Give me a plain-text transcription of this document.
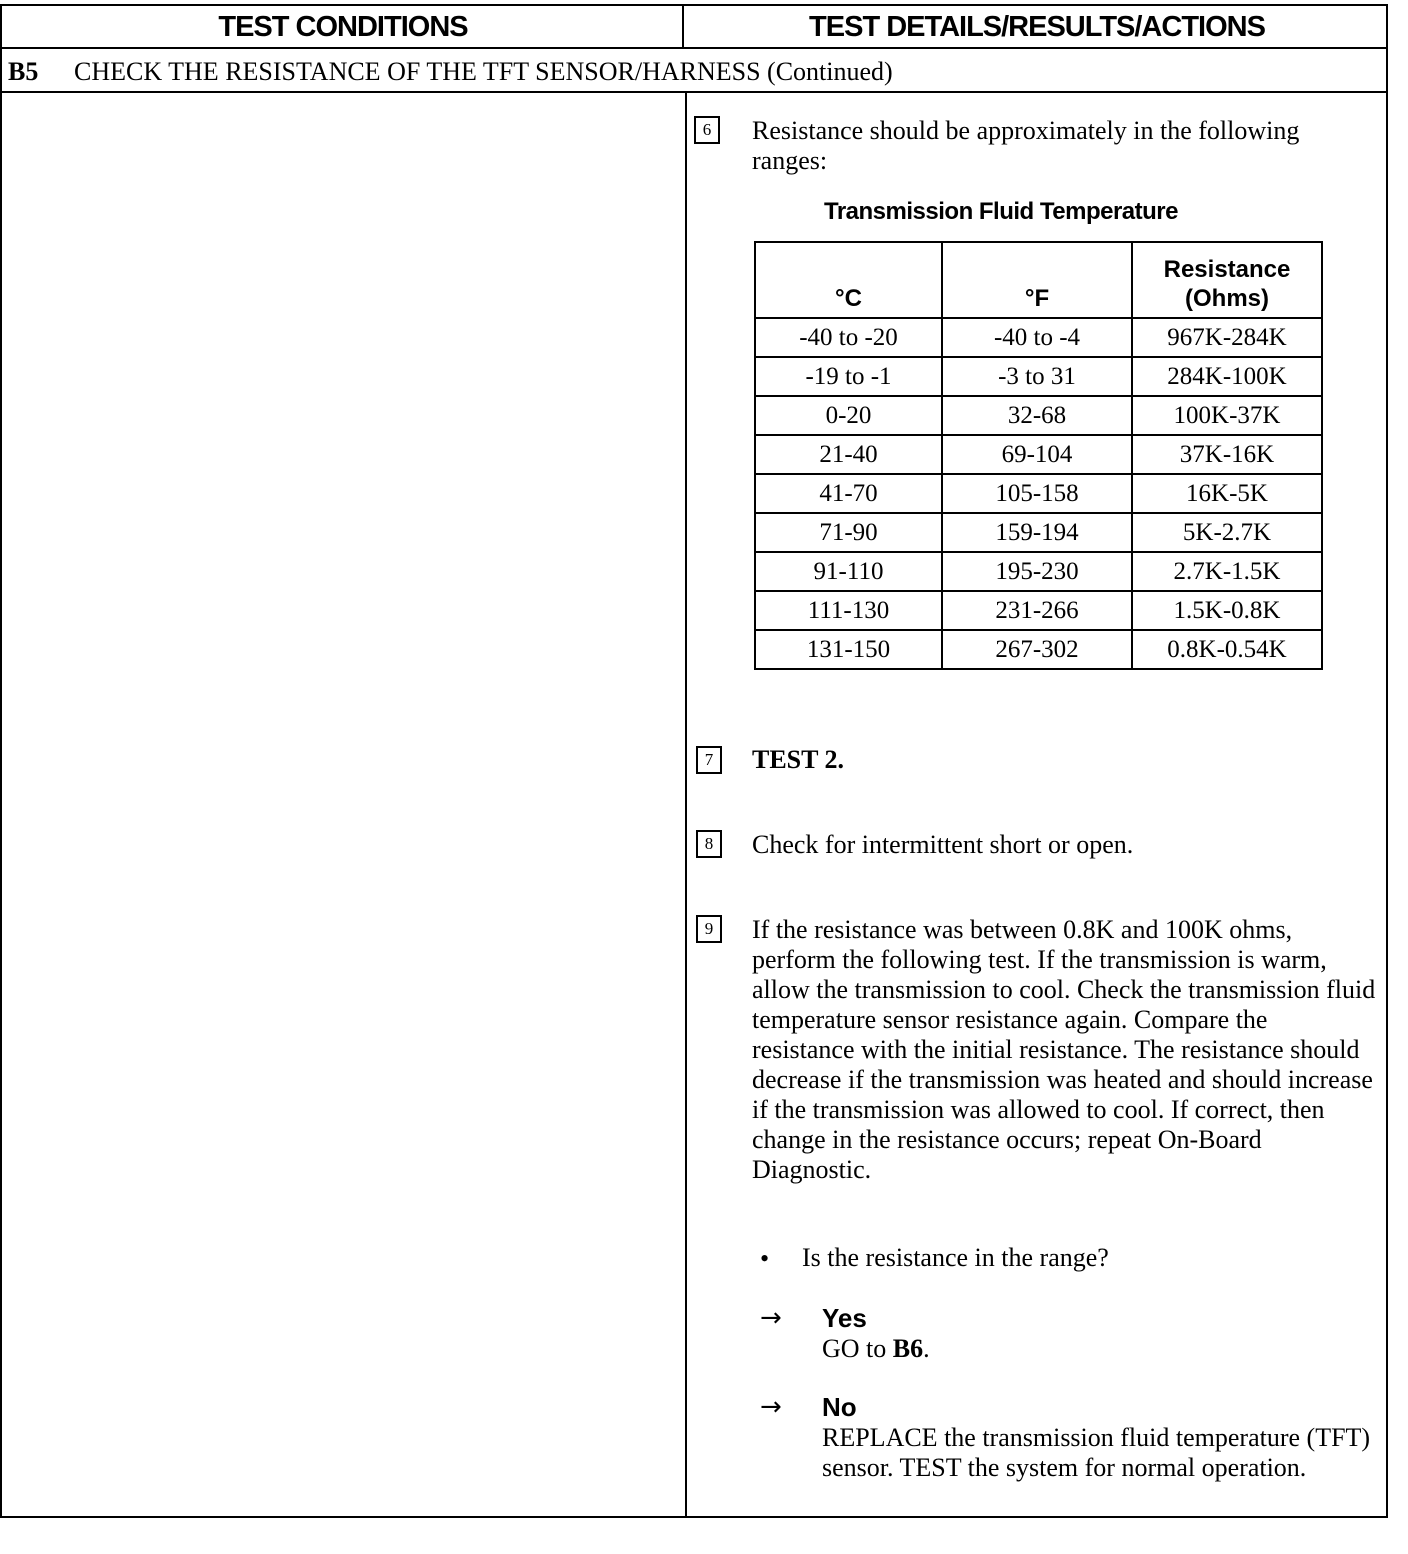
TEST CONDITIONS	TEST DETAILS/RESULTS/ACTIONS
B5 CHECK THE RESISTANCE OF THE TFT SENSOR/HARNESS (Continued)
6	Resistance should be approximately in the following ranges:
Transmission Fluid Temperature
°C	°F	Resistance (Ohms)
-40 to -20	-40 to -4	967K-284K
-19 to -1	-3 to 31	284K-100K
0-20	32-68	100K-37K
21-40	69-104	37K-16K
41-70	105-158	16K-5K
71-90	159-194	5K-2.7K
91-110	195-230	2.7K-1.5K
111-130	231-266	1.5K-0.8K
131-150	267-302	0.8K-0.54K
7	TEST 2.
8	Check for intermittent short or open.
9	If the resistance was between 0.8K and 100K ohms, perform the following test. If the transmission is warm, allow the transmission to cool. Check the transmission fluid temperature sensor resistance again. Compare the resistance with the initial resistance. The resistance should decrease if the transmission was heated and should increase if the transmission was allowed to cool. If correct, then change in the resistance occurs; repeat On-Board Diagnostic.
• Is the resistance in the range?
→ Yes
GO to B6.
→ No
REPLACE the transmission fluid temperature (TFT) sensor. TEST the system for normal operation.
